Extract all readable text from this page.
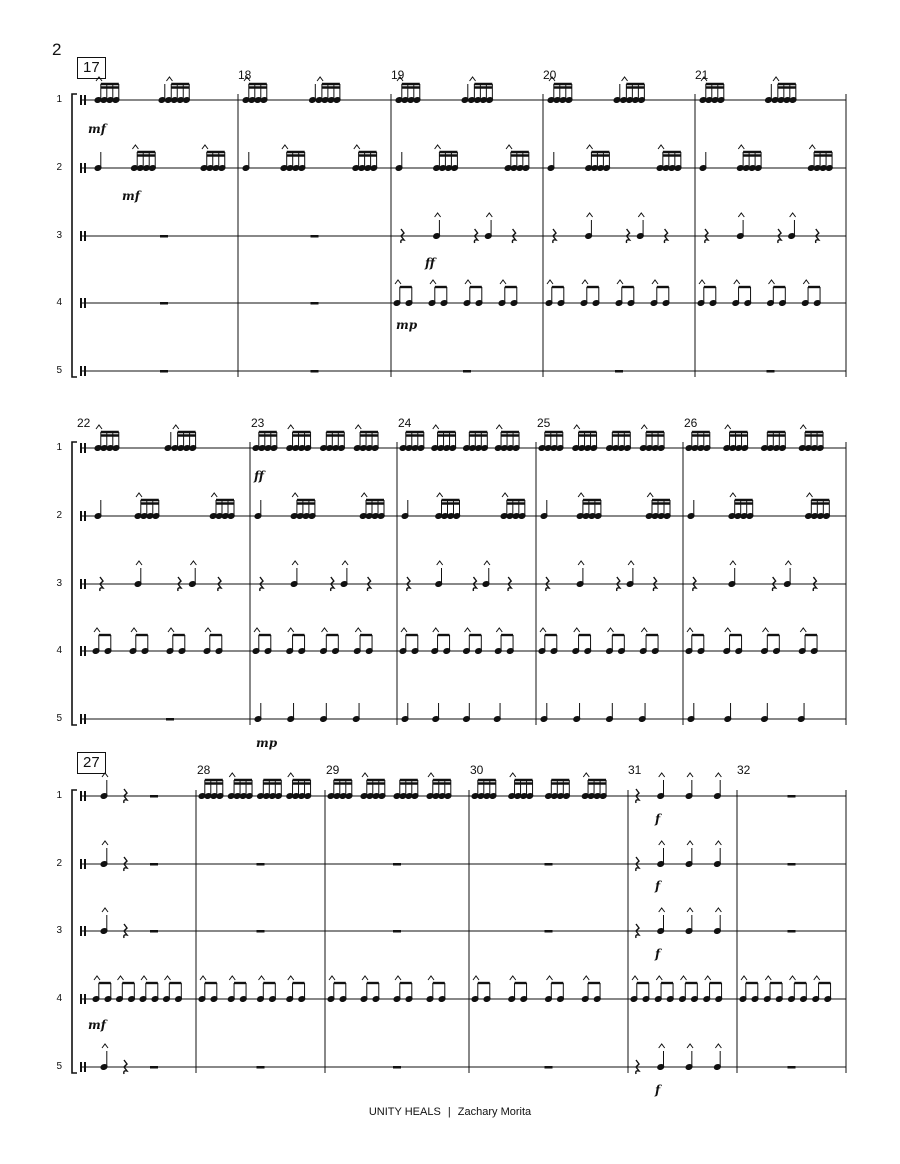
2
17	18	19	20	21
1
2
3
4
5
mf
mf
ff
mp
22	23	24	25	26
1
2
3
4
5
ff
mp
27	28	29	30	31	32
1
2
3
4
5
mf
f
f
f
f
UNITY HEALS | Zachary Morita
